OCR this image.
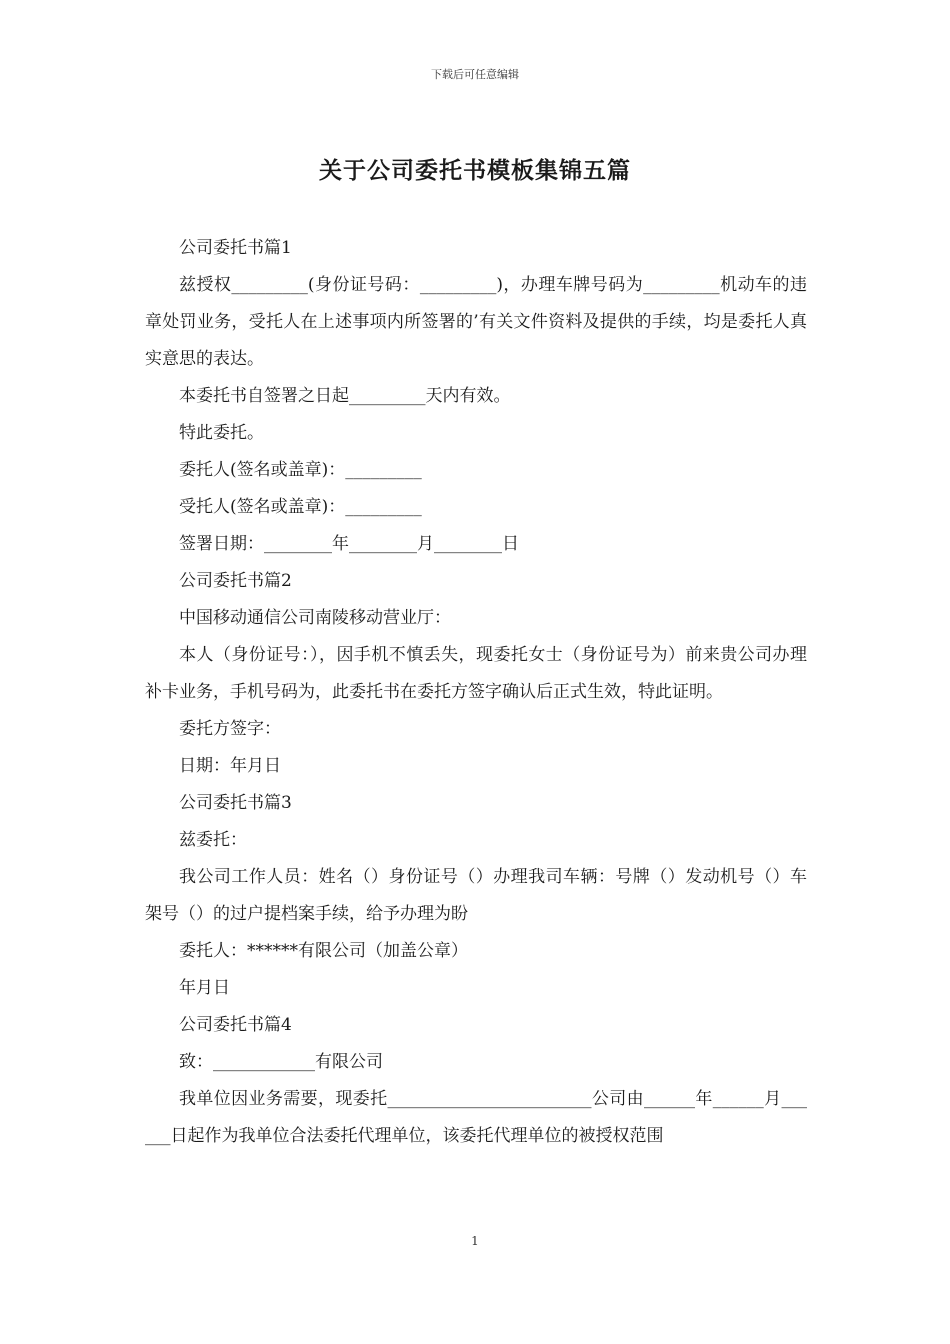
下载后可任意编辑
关于公司委托书模板集锦五篇

公司委托书篇1

兹授权_________(身份证号码：_________)，办理车牌号码为_________机动车的违章处罚业务，受托人在上述事项内所签署的’有关文件资料及提供的手续，均是委托人真实意思的表达。

本委托书自签署之日起_________天内有效。

特此委托。

委托人(签名或盖章)：_________

受托人(签名或盖章)：_________

签署日期：________年________月________日

公司委托书篇2

中国移动通信公司南陵移动营业厅：

本人（身份证号：），因手机不慎丢失，现委托女士（身份证号为）前来贵公司办理补卡业务，手机号码为，此委托书在委托方签字确认后正式生效，特此证明。

委托方签字：

日期：年月日

公司委托书篇3

兹委托：

我公司工作人员：姓名（）身份证号（）办理我司车辆：号牌（）发动机号（）车架号（）的过户提档案手续，给予办理为盼

委托人：******有限公司（加盖公章）

年月日

公司委托书篇4

致：____________有限公司

我单位因业务需要，现委托________________________公司由______年______月______日起作为我单位合法委托代理单位，该委托代理单位的被授权范围

1
